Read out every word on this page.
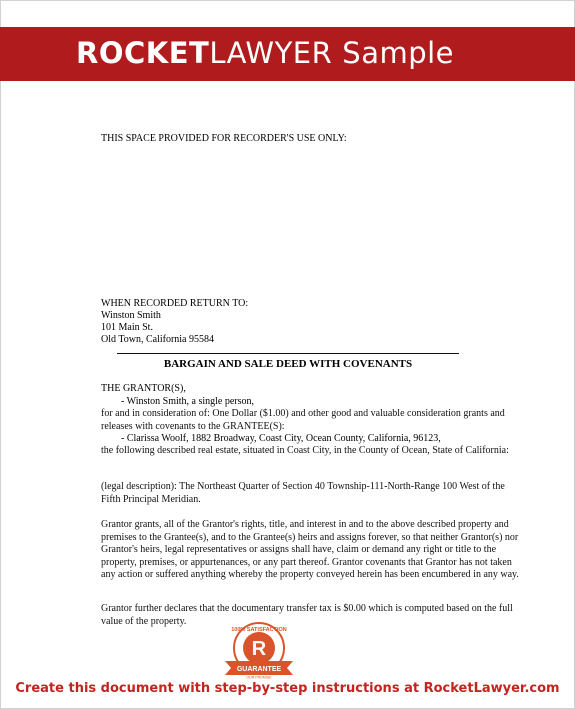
ROCKETLAWYER Sample
THIS SPACE PROVIDED FOR RECORDER'S USE ONLY:
WHEN RECORDED RETURN TO:
Winston Smith
101 Main St.
Old Town, California 95584
BARGAIN AND SALE DEED WITH COVENANTS
THE GRANTOR(S),
- Winston Smith, a single person,
for and in consideration of: One Dollar ($1.00) and other good and valuable consideration grants and releases with covenants to the GRANTEE(S):
- Clarissa Woolf, 1882 Broadway, Coast City, Ocean County, California, 96123,
the following described real estate, situated in Coast City, in the County of Ocean, State of California:
(legal description): The Northeast Quarter of Section 40 Township-111-North-Range 100 West of the Fifth Principal Meridian.
Grantor grants, all of the Grantor's rights, title, and interest in and to the above described property and premises to the Grantee(s), and to the Grantee(s) heirs and assigns forever, so that neither Grantor(s) nor Grantor's heirs, legal representatives or assigns shall have, claim or demand any right or title to the property, premises, or appurtenances, or any part thereof. Grantor covenants that Grantor has not taken any action or suffered anything whereby the property conveyed herein has been encumbered in any way.
Grantor further declares that the documentary transfer tax is $0.00 which is computed based on the full value of the property.
R
100% SATISFACTION
GUARANTEE
OUR PROMISE
Create this document with step-by-step instructions at RocketLawyer.com
